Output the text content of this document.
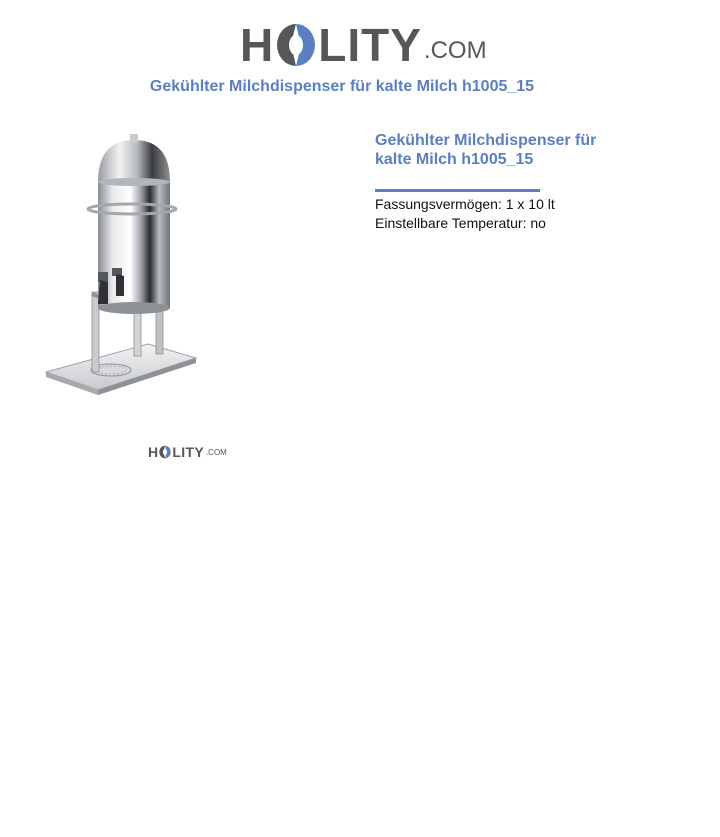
H LITY .COM
Gekühlter Milchdispenser für kalte Milch h1005_15
H LITY .COM
Gekühlter Milchdispenser für kalte Milch h1005_15
Fassungsvermögen: 1 x 10 lt
Einstellbare Temperatur: no
